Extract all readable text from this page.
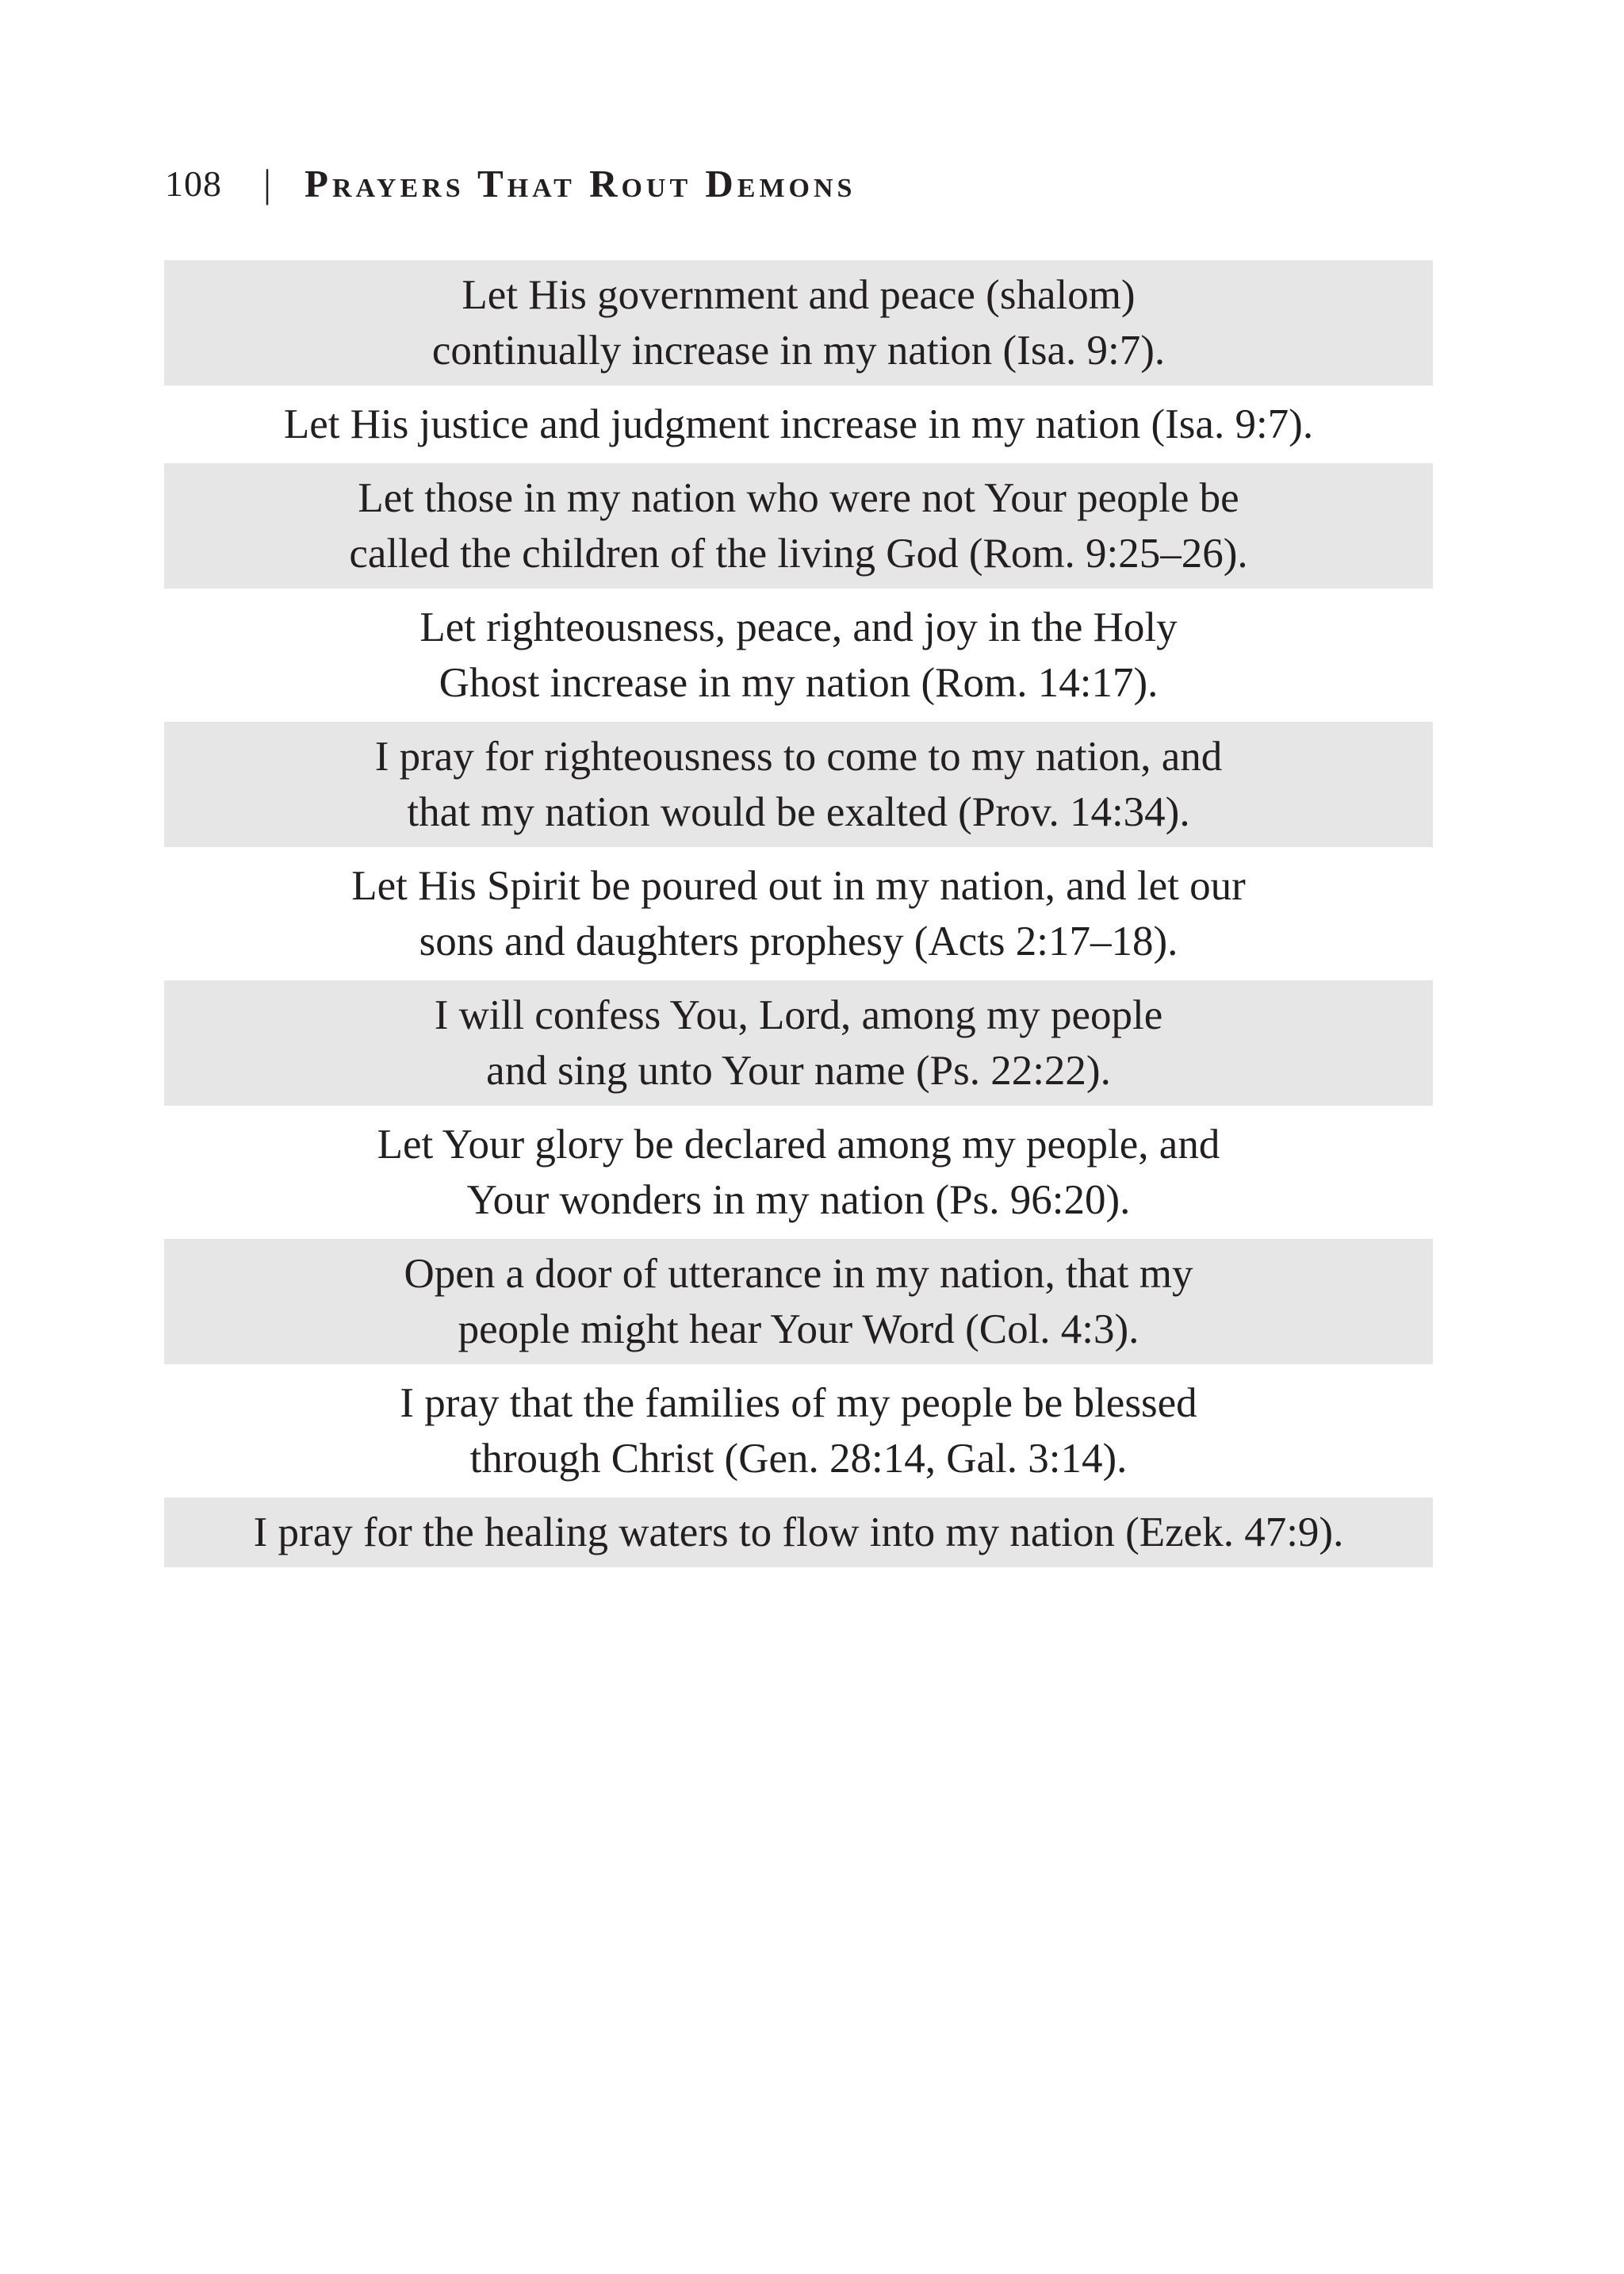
108 | Prayers That Rout Demons
Let His government and peace (shalom)
continually increase in my nation (Isa. 9:7).
Let His justice and judgment increase in my nation (Isa. 9:7).
Let those in my nation who were not Your people be
called the children of the living God (Rom. 9:25–26).
Let righteousness, peace, and joy in the Holy
Ghost increase in my nation (Rom. 14:17).
I pray for righteousness to come to my nation, and
that my nation would be exalted (Prov. 14:34).
Let His Spirit be poured out in my nation, and let our
sons and daughters prophesy (Acts 2:17–18).
I will confess You, Lord, among my people
and sing unto Your name (Ps. 22:22).
Let Your glory be declared among my people, and
Your wonders in my nation (Ps. 96:20).
Open a door of utterance in my nation, that my
people might hear Your Word (Col. 4:3).
I pray that the families of my people be blessed
through Christ (Gen. 28:14, Gal. 3:14).
I pray for the healing waters to flow into my nation (Ezek. 47:9).
